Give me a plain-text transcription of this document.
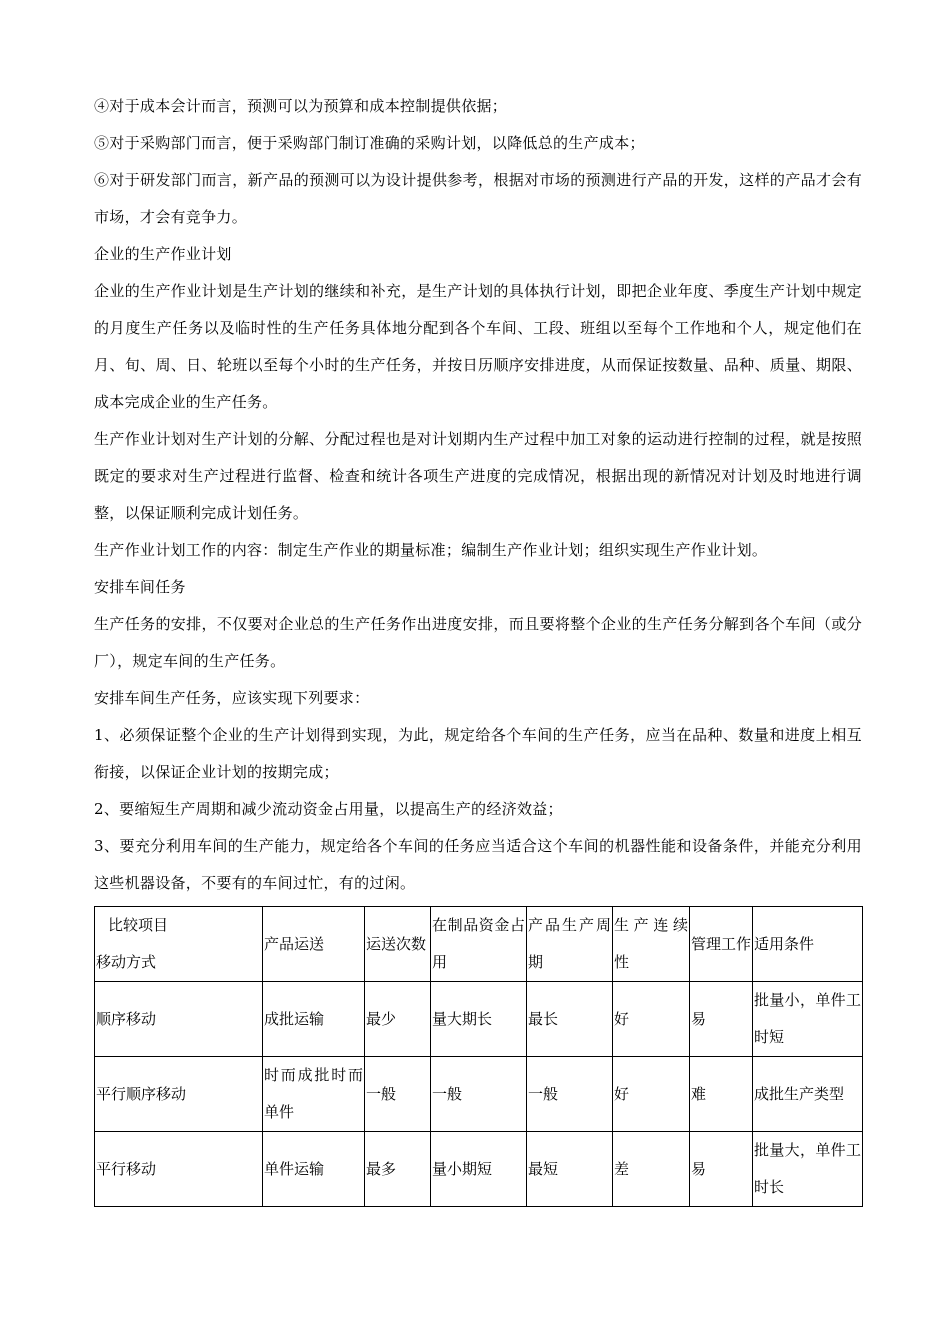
④对于成本会计而言，预测可以为预算和成本控制提供依据；

⑤对于采购部门而言，便于采购部门制订准确的采购计划，以降低总的生产成本；

⑥对于研发部门而言，新产品的预测可以为设计提供参考，根据对市场的预测进行产品的开发，这样的产品才会有市场，才会有竞争力。

企业的生产作业计划

企业的生产作业计划是生产计划的继续和补充，是生产计划的具体执行计划，即把企业年度、季度生产计划中规定的月度生产任务以及临时性的生产任务具体地分配到各个车间、工段、班组以至每个工作地和个人，规定他们在月、旬、周、日、轮班以至每个小时的生产任务，并按日历顺序安排进度，从而保证按数量、品种、质量、期限、成本完成企业的生产任务。

生产作业计划对生产计划的分解、分配过程也是对计划期内生产过程中加工对象的运动进行控制的过程，就是按照既定的要求对生产过程进行监督、检查和统计各项生产进度的完成情况，根据出现的新情况对计划及时地进行调整，以保证顺利完成计划任务。

生产作业计划工作的内容：制定生产作业的期量标准；编制生产作业计划；组织实现生产作业计划。

安排车间任务

生产任务的安排，不仅要对企业总的生产任务作出进度安排，而且要将整个企业的生产任务分解到各个车间（或分厂），规定车间的生产任务。

安排车间生产任务，应该实现下列要求：

1、必须保证整个企业的生产计划得到实现，为此，规定给各个车间的生产任务，应当在品种、数量和进度上相互衔接，以保证企业计划的按期完成；

2、要缩短生产周期和减少流动资金占用量，以提高生产的经济效益；

3、要充分利用车间的生产能力，规定给各个车间的任务应当适合这个车间的机器性能和设备条件，并能充分利用这些机器设备，不要有的车间过忙，有的过闲。

比较项目
移动方式	产品运送	运送次数	在制品资金占用	产品生产周期	生产连续性	管理工作	适用条件
顺序移动	成批运输	最少	量大期长	最长	好	易	批量小，单件工时短
平行顺序移动	时而成批时而单件	一般	一般	一般	好	难	成批生产类型
平行移动	单件运输	最多	量小期短	最短	差	易	批量大，单件工时长
